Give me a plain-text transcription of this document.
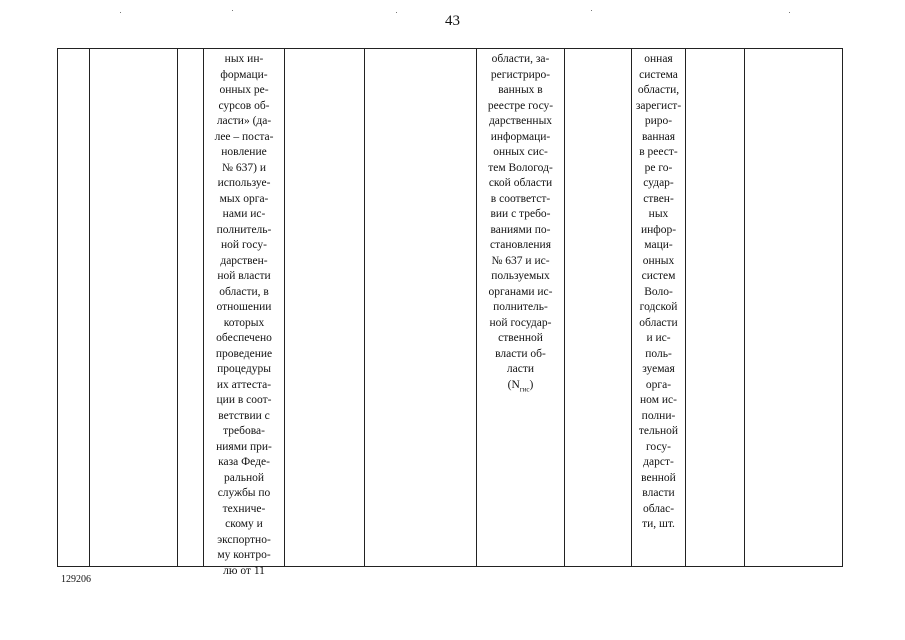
43
ных ин-
формаци-
онных ре-
сурсов об-
ласти» (да-
лее – поста-
новление
№ 637) и
используе-
мых орга-
нами ис-
полнитель-
ной госу-
дарствен-
ной власти
области, в
отношении
которых
обеспечено
проведение
процедуры
их аттеста-
ции в соот-
ветствии с
требова-
ниями при-
каза Феде-
ральной
службы по
техниче-
скому и
экспортно-
му контро-
лю от 11
области, за-
регистриро-
ванных в
реестре госу-
дарственных
информаци-
онных сис-
тем Вологод-
ской области
в соответст-
вии с требо-
ваниями по-
становления
№ 637 и ис-
пользуемых
органами ис-
полнитель-
ной государ-
ственной
власти об-
ласти
$(N_{гис})$
онная
система
области,
зарегист-
риро-
ванная
в реест-
ре го-
судар-
ствен-
ных
инфор-
маци-
онных
систем
Воло-
годской
области
и ис-
поль-
зуемая
орга-
ном ис-
полни-
тельной
госу-
дарст-
венной
власти
облас-
ти, шт.
129206
